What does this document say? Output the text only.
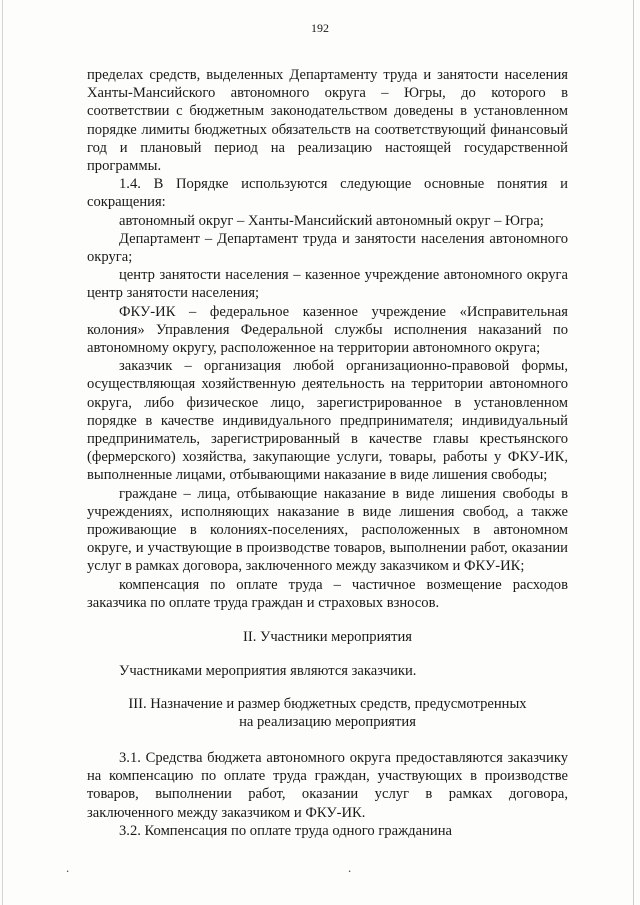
192

пределах средств, выделенных Департаменту труда и занятости населения Ханты-Мансийского автономного округа – Югры, до которого в соответствии с бюджетным законодательством доведены в установленном порядке лимиты бюджетных обязательств на соответствующий финансовый год и плановый период на реализацию настоящей государственной программы.

1.4. В Порядке используются следующие основные понятия и сокращения:

автономный округ – Ханты-Мансийский автономный округ – Югра;

Департамент – Департамент труда и занятости населения автономного округа;

центр занятости населения – казенное учреждение автономного округа центр занятости населения;

ФКУ-ИК – федеральное казенное учреждение «Исправительная колония» Управления Федеральной службы исполнения наказаний по автономному округу, расположенное на территории автономного округа;

заказчик – организация любой организационно-правовой формы, осуществляющая хозяйственную деятельность на территории автономного округа, либо физическое лицо, зарегистрированное в установленном порядке в качестве индивидуального предпринимателя; индивидуальный предприниматель, зарегистрированный в качестве главы крестьянского (фермерского) хозяйства, закупающие услуги, товары, работы у ФКУ-ИК, выполненные лицами, отбывающими наказание в виде лишения свободы;

граждане – лица, отбывающие наказание в виде лишения свободы в учреждениях, исполняющих наказание в виде лишения свобод, а также проживающие в колониях-поселениях, расположенных в автономном округе, и участвующие в производстве товаров, выполнении работ, оказании услуг в рамках договора, заключенного между заказчиком и ФКУ-ИК;

компенсация по оплате труда – частичное возмещение расходов заказчика по оплате труда граждан и страховых взносов.

II. Участники мероприятия

Участниками мероприятия являются заказчики.

III. Назначение и размер бюджетных средств, предусмотренных

на реализацию мероприятия

3.1. Средства бюджета автономного округа предоставляются заказчику на компенсацию по оплате труда граждан, участвующих в производстве товаров, выполнении работ, оказании услуг в рамках договора, заключенного между заказчиком и ФКУ-ИК.

3.2. Компенсация по оплате труда одного гражданина

.	.
